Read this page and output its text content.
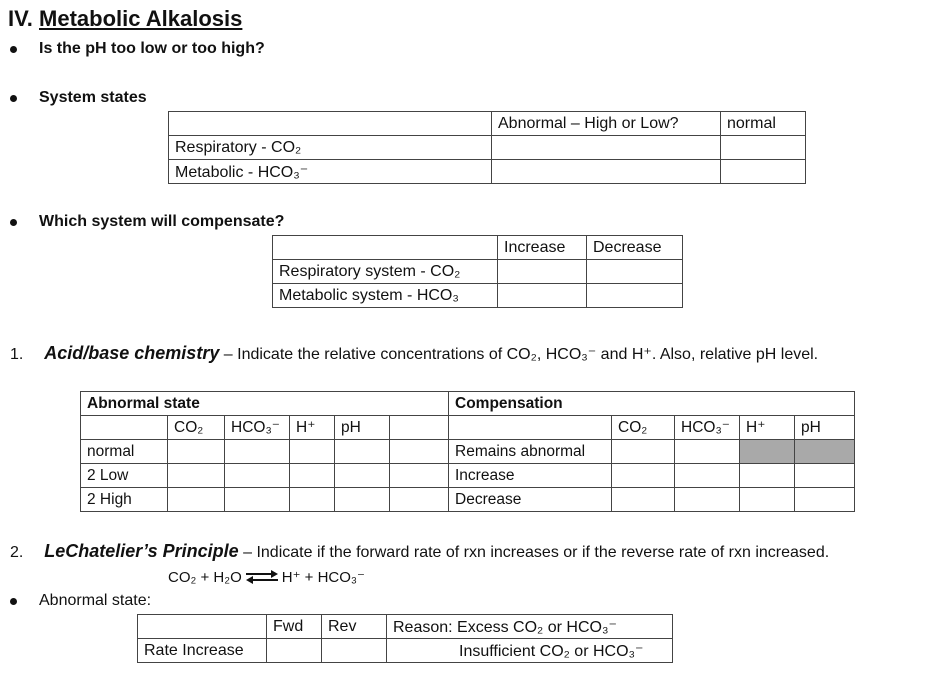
IV. Metabolic Alkalosis
Is the pH too low or too high?
System states
	Abnormal – High or Low?	normal
Respiratory - CO₂		
Metabolic - HCO₃⁻		
Which system will compensate?
	Increase	Decrease
Respiratory system - CO₂		
Metabolic system - HCO₃		
1. Acid/base chemistry – Indicate the relative concentrations of CO₂, HCO₃⁻ and H⁺. Also, relative pH level.
Abnormal state						Compensation				
	CO₂	HCO₃⁻	H⁺	pH			CO₂	HCO₃⁻	H⁺	pH
normal						Remains abnormal				
2 Low						Increase				
2 High						Decrease				
2. LeChatelier’s Principle – Indicate if the forward rate of rxn increases or if the reverse rate of rxn increased.
CO₂ + H₂O ⇌ H⁺ + HCO₃⁻
Abnormal state:
	Fwd	Rev	Reason: Excess CO₂ or HCO₃⁻
Rate Increase			Insufficient CO₂ or HCO₃⁻
